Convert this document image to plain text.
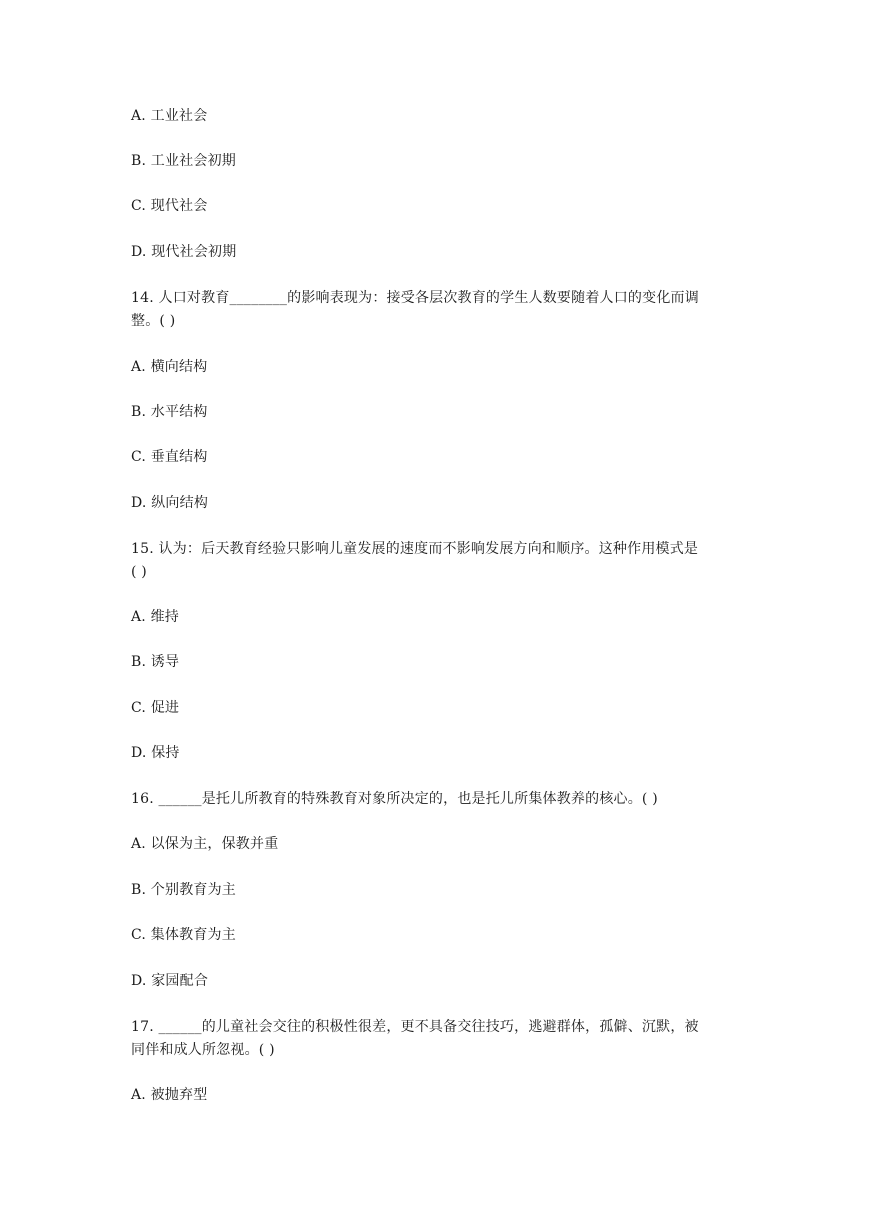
A. 工业社会
B. 工业社会初期
C. 现代社会
D. 现代社会初期
14. 人口对教育________的影响表现为：接受各层次教育的学生人数要随着人口的变化而调
整。( )
A. 横向结构
B. 水平结构
C. 垂直结构
D. 纵向结构
15. 认为：后天教育经验只影响儿童发展的速度而不影响发展方向和顺序。这种作用模式是
( )
A. 维持
B. 诱导
C. 促进
D. 保持
16. ______是托儿所教育的特殊教育对象所决定的，也是托儿所集体教养的核心。( )
A. 以保为主，保教并重
B. 个别教育为主
C. 集体教育为主
D. 家园配合
17. ______的儿童社会交往的积极性很差，更不具备交往技巧，逃避群体，孤僻、沉默，被
同伴和成人所忽视。( )
A. 被抛弃型
